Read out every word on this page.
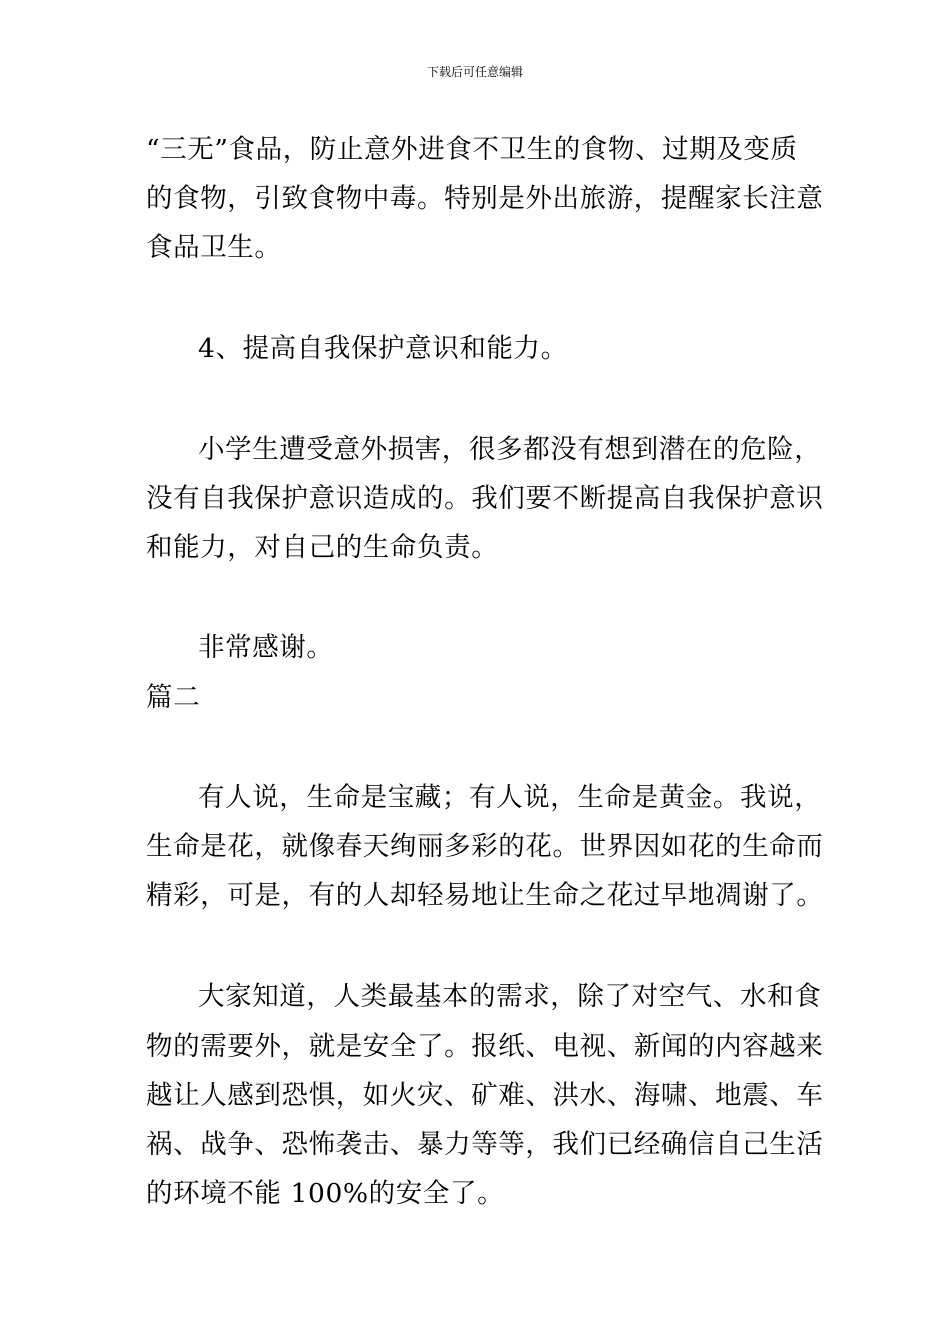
下载后可任意编辑
“三无”食品，防止意外进食不卫生的食物、过期及变质
的食物，引致食物中毒。特别是外出旅游，提醒家长注意
食品卫生。
4、提高自我保护意识和能力。
小学生遭受意外损害，很多都没有想到潜在的危险，
没有自我保护意识造成的。我们要不断提高自我保护意识
和能力，对自己的生命负责。
非常感谢。
篇二
有人说，生命是宝藏；有人说，生命是黄金。我说，
生命是花，就像春天绚丽多彩的花。世界因如花的生命而
精彩，可是，有的人却轻易地让生命之花过早地凋谢了。
大家知道，人类最基本的需求，除了对空气、水和食
物的需要外，就是安全了。报纸、电视、新闻的内容越来
越让人感到恐惧，如火灾、矿难、洪水、海啸、地震、车
祸、战争、恐怖袭击、暴力等等，我们已经确信自己生活
的环境不能 100%的安全了。
